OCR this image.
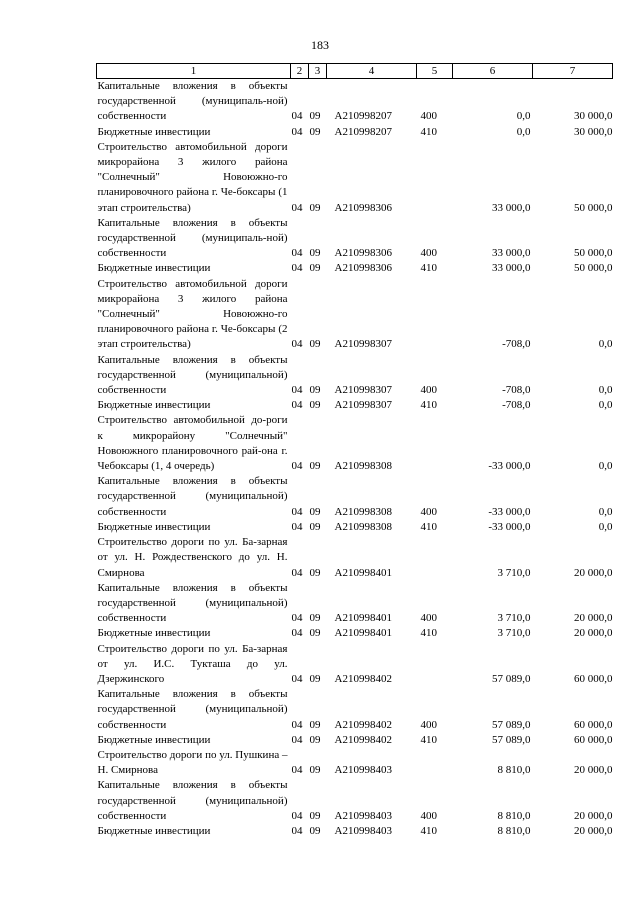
183
1	2	3	4	5	6	7
Капитальные вложения в объекты государственной (муниципаль-ной) собственности	04	09	А210998207	400	0,0	30 000,0
Бюджетные инвестиции	04	09	А210998207	410	0,0	30 000,0
Строительство автомобильной дороги микрорайона 3 жилого района "Солнечный" Новоюжно-го планировочного района г. Че-боксары (1 этап строительства)	04	09	А210998306		33 000,0	50 000,0
Капитальные вложения в объекты государственной (муниципаль-ной) собственности	04	09	А210998306	400	33 000,0	50 000,0
Бюджетные инвестиции	04	09	А210998306	410	33 000,0	50 000,0
Строительство автомобильной дороги микрорайона 3 жилого района "Солнечный" Новоюжно-го планировочного района г. Че-боксары (2 этап строительства)	04	09	А210998307		-708,0	0,0
Капитальные вложения в объекты государственной (муниципальной) собственности	04	09	А210998307	400	-708,0	0,0
Бюджетные инвестиции	04	09	А210998307	410	-708,0	0,0
Строительство автомобильной до-роги к микрорайону "Солнечный" Новоюжного планировочного рай-она г. Чебоксары (1, 4 очередь)	04	09	А210998308		-33 000,0	0,0
Капитальные вложения в объекты государственной (муниципальной) собственности	04	09	А210998308	400	-33 000,0	0,0
Бюджетные инвестиции	04	09	А210998308	410	-33 000,0	0,0
Строительство дороги по ул. Ба-зарная от ул. Н. Рождественского до ул. Н. Смирнова	04	09	А210998401		3 710,0	20 000,0
Капитальные вложения в объекты государственной (муниципальной) собственности	04	09	А210998401	400	3 710,0	20 000,0
Бюджетные инвестиции	04	09	А210998401	410	3 710,0	20 000,0
Строительство дороги по ул. Ба-зарная от ул. И.С. Тукташа до ул. Дзержинского	04	09	А210998402		57 089,0	60 000,0
Капитальные вложения в объекты государственной (муниципальной) собственности	04	09	А210998402	400	57 089,0	60 000,0
Бюджетные инвестиции	04	09	А210998402	410	57 089,0	60 000,0
Строительство дороги по ул. Пушкина – Н. Смирнова	04	09	А210998403		8 810,0	20 000,0
Капитальные вложения в объекты государственной (муниципальной) собственности	04	09	А210998403	400	8 810,0	20 000,0
Бюджетные инвестиции	04	09	А210998403	410	8 810,0	20 000,0
